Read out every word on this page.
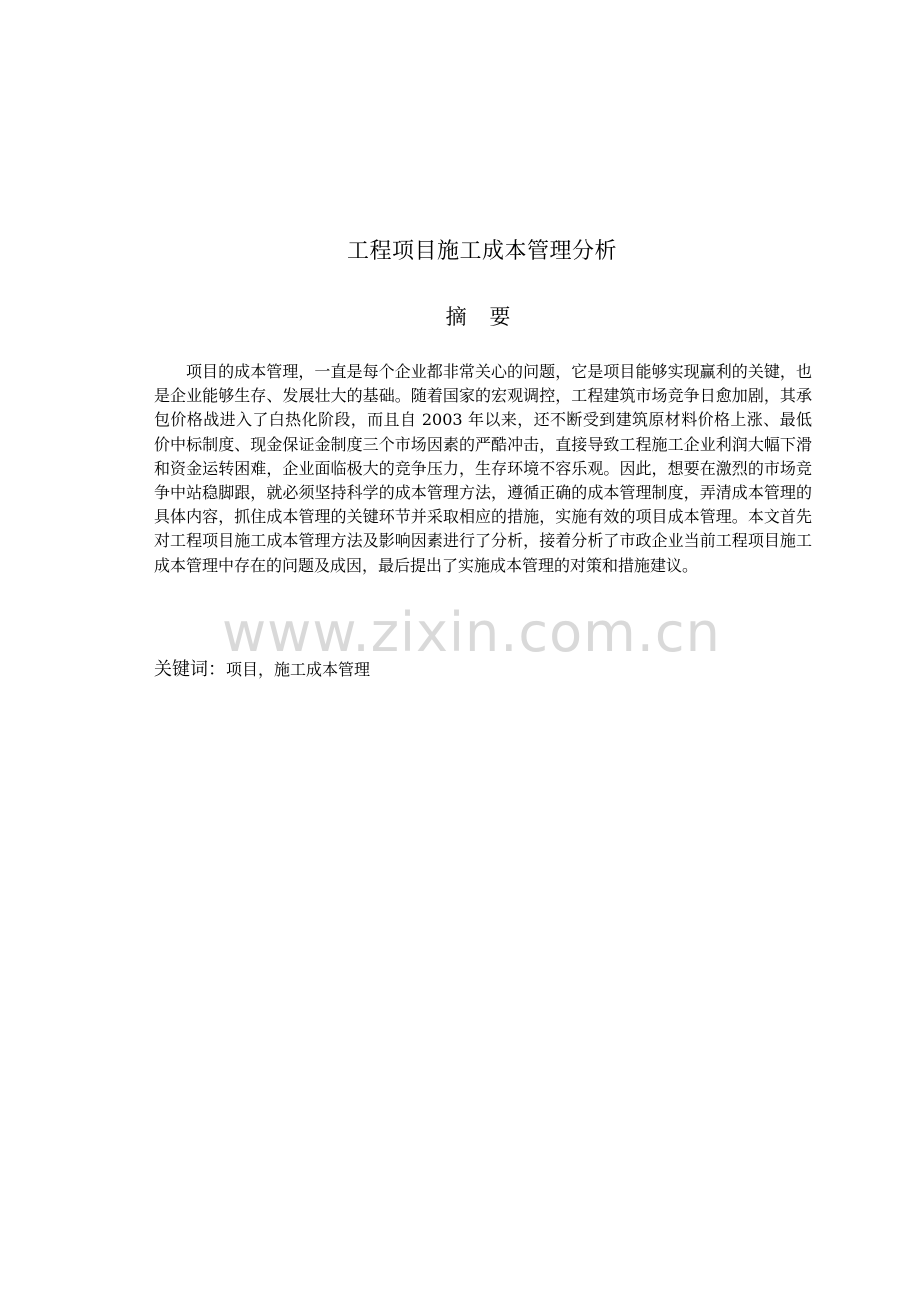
工程项目施工成本管理分析
摘 要

项目的成本管理，一直是每个企业都非常关心的问题，它是项目能够实现赢利的关键，也是企业能够生存、发展壮大的基础。随着国家的宏观调控，工程建筑市场竞争日愈加剧，其承包价格战进入了白热化阶段，而且自 2003 年以来，还不断受到建筑原材料价格上涨、最低价中标制度、现金保证金制度三个市场因素的严酷冲击，直接导致工程施工企业利润大幅下滑和资金运转困难，企业面临极大的竞争压力，生存环境不容乐观。因此，想要在激烈的市场竞争中站稳脚跟，就必须坚持科学的成本管理方法，遵循正确的成本管理制度，弄清成本管理的具体内容，抓住成本管理的关键环节并采取相应的措施，实施有效的项目成本管理。本文首先对工程项目施工成本管理方法及影响因素进行了分析，接着分析了市政企业当前工程项目施工成本管理中存在的问题及成因，最后提出了实施成本管理的对策和措施建议。

www.zixin.com.cn

关键词：项目，施工成本管理
